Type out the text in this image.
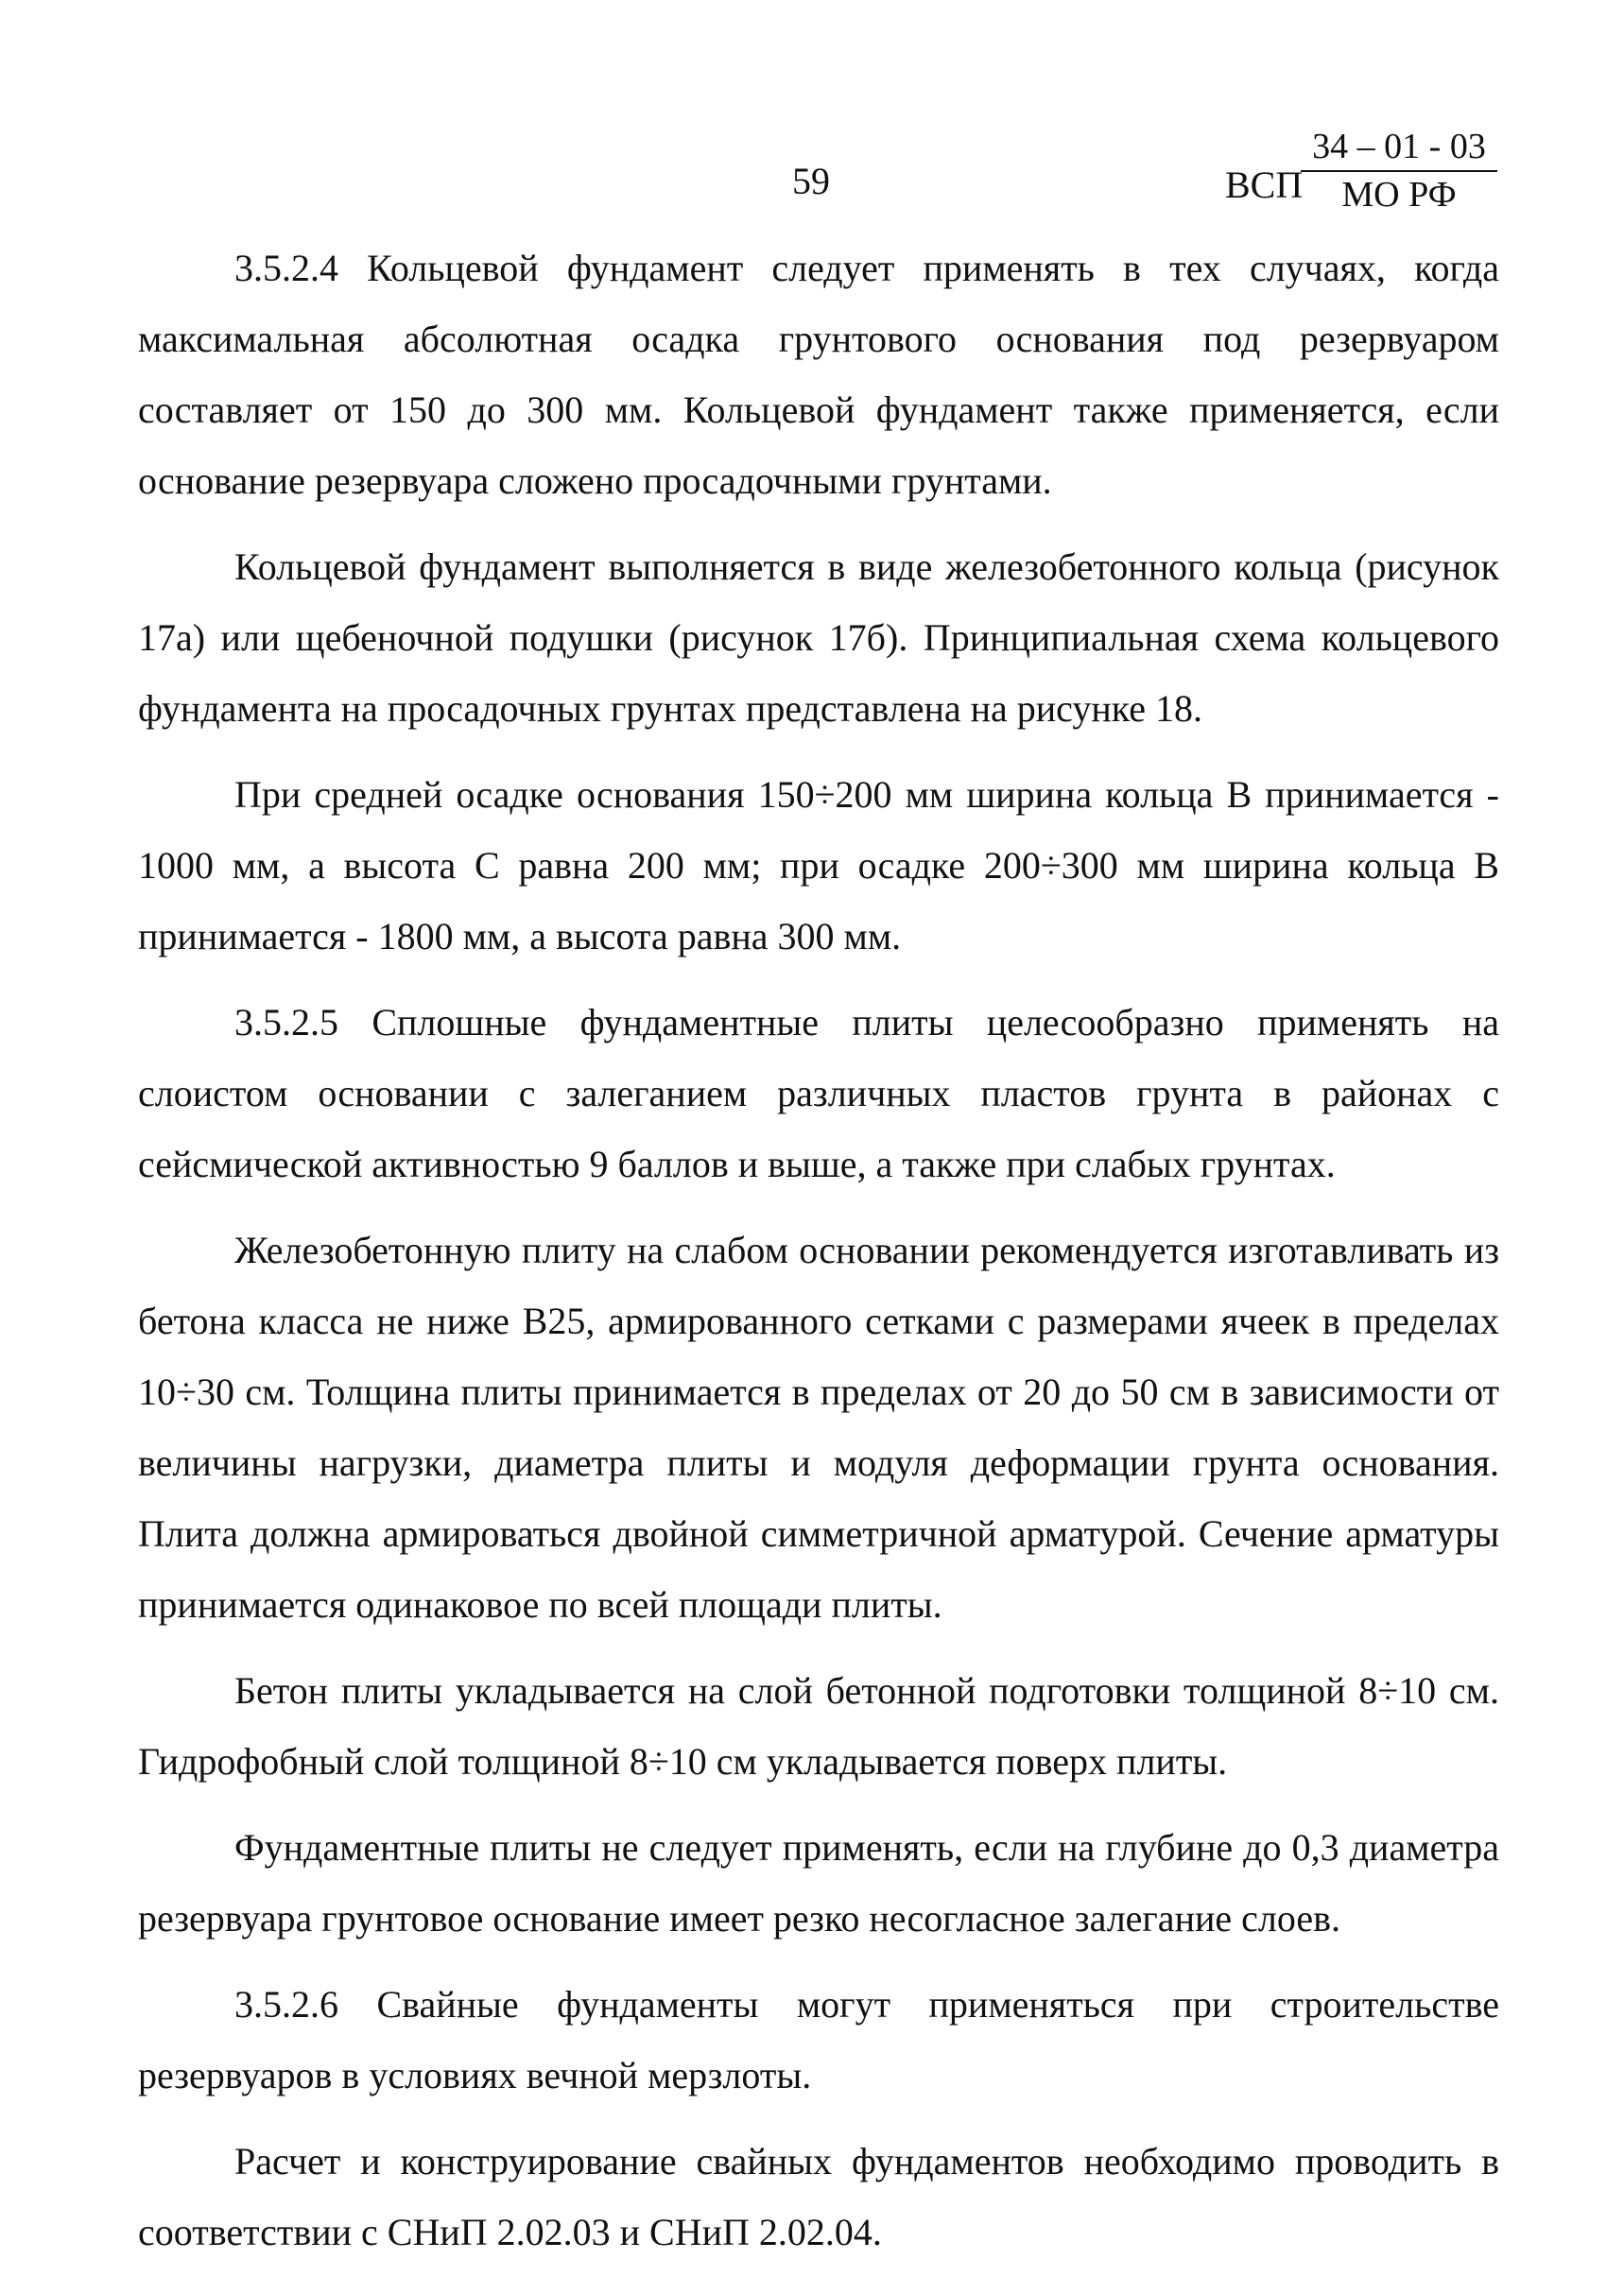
59	ВСП
34 – 01 - 03
МО РФ

3.5.2.4 Кольцевой фундамент следует применять в тех случаях, когда максимальная абсолютная осадка грунтового основания под резервуаром составляет от 150 до 300 мм. Кольцевой фундамент также применяется, если основание резервуара сложено просадочными грунтами.

Кольцевой фундамент выполняется в виде железобетонного кольца (рисунок 17а) или щебеночной подушки (рисунок 17б). Принципиальная схема кольцевого фундамента на просадочных грунтах представлена на рисунке 18.

При средней осадке основания 150÷200 мм ширина кольца В принимается - 1000 мм, а высота С равна 200 мм; при осадке 200÷300 мм ширина кольца В принимается - 1800 мм, а высота равна 300 мм.

3.5.2.5 Сплошные фундаментные плиты целесообразно применять на слоистом основании с залеганием различных пластов грунта в районах с сейсмической активностью 9 баллов и выше, а также при слабых грунтах.

Железобетонную плиту на слабом основании рекомендуется изготавливать из бетона класса не ниже В25, армированного сетками с размерами ячеек в пределах 10÷30 см. Толщина плиты принимается в пределах от 20 до 50 см в зависимости от величины нагрузки, диаметра плиты и модуля деформации грунта основания. Плита должна армироваться двойной симметричной арматурой. Сечение арматуры принимается одинаковое по всей площади плиты.

Бетон плиты укладывается на слой бетонной подготовки толщиной 8÷10 см. Гидрофобный слой толщиной 8÷10 см укладывается поверх плиты.

Фундаментные плиты не следует применять, если на глубине до 0,3 диаметра резервуара грунтовое основание имеет резко несогласное залегание слоев.

3.5.2.6 Свайные фундаменты могут применяться при строительстве резервуаров в условиях вечной мерзлоты.

Расчет и конструирование свайных фундаментов необходимо проводить в соответствии с СНиП 2.02.03 и СНиП 2.02.04.
